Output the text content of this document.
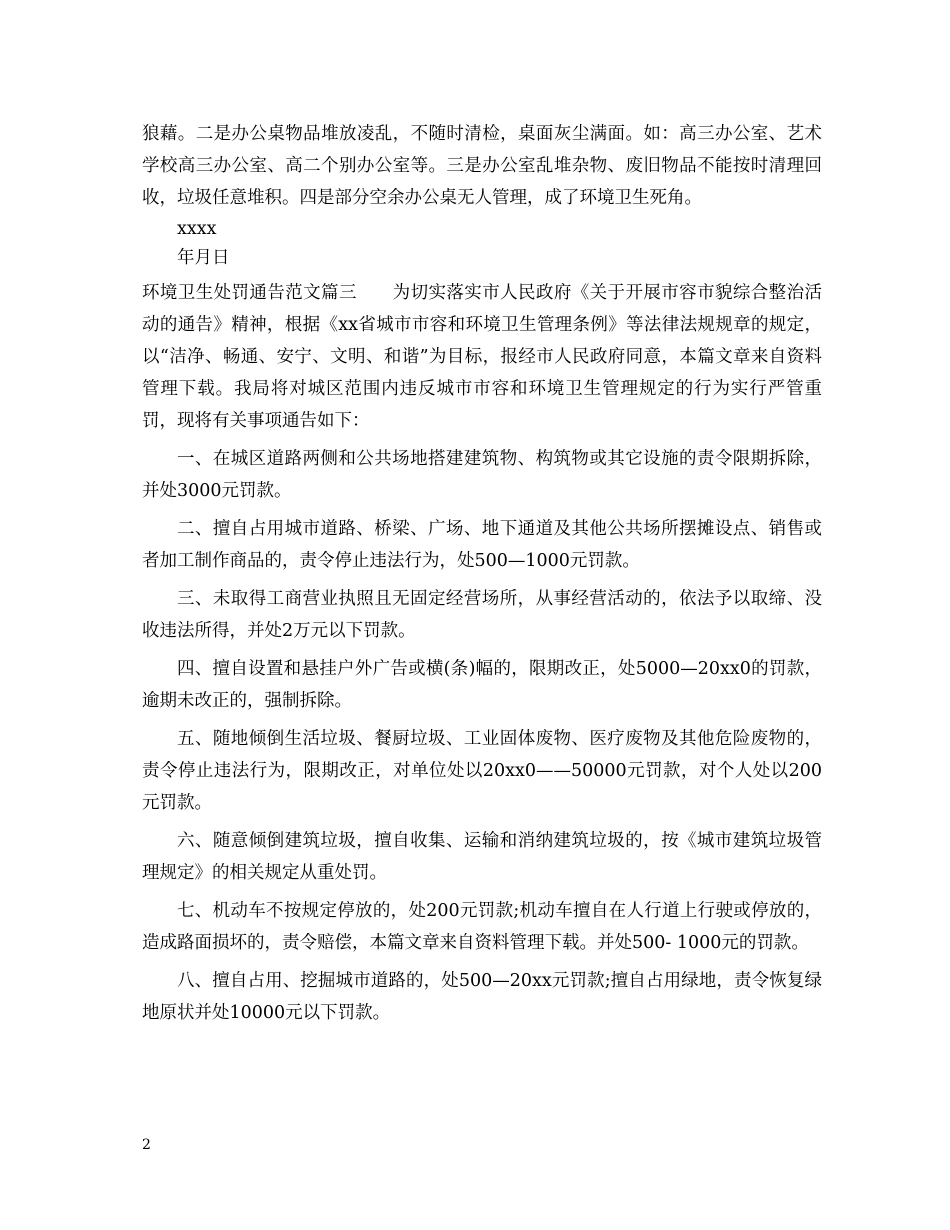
狼藉。二是办公桌物品堆放凌乱，不随时清检，桌面灰尘满面。如：高三办公室、艺术学校高三办公室、高二个别办公室等。三是办公室乱堆杂物、废旧物品不能按时清理回收，垃圾任意堆积。四是部分空余办公桌无人管理，成了环境卫生死角。

xxxx

年月日

环境卫生处罚通告范文篇三　　为切实落实市人民政府《关于开展市容市貌综合整治活动的通告》精神，根据《xx省城市市容和环境卫生管理条例》等法律法规规章的规定，以“洁净、畅通、安宁、文明、和谐”为目标，报经市人民政府同意，本篇文章来自资料管理下载。我局将对城区范围内违反城市市容和环境卫生管理规定的行为实行严管重罚，现将有关事项通告如下：

一、在城区道路两侧和公共场地搭建建筑物、构筑物或其它设施的责令限期拆除，并处3000元罚款。

二、擅自占用城市道路、桥梁、广场、地下通道及其他公共场所摆摊设点、销售或者加工制作商品的，责令停止违法行为，处500—1000元罚款。

三、未取得工商营业执照且无固定经营场所，从事经营活动的，依法予以取缔、没收违法所得，并处2万元以下罚款。

四、擅自设置和悬挂户外广告或横(条)幅的，限期改正，处5000—20xx0的罚款，逾期未改正的，强制拆除。

五、随地倾倒生活垃圾、餐厨垃圾、工业固体废物、医疗废物及其他危险废物的，责令停止违法行为，限期改正，对单位处以20xx0——50000元罚款，对个人处以200元罚款。

六、随意倾倒建筑垃圾，擅自收集、运输和消纳建筑垃圾的，按《城市建筑垃圾管理规定》的相关规定从重处罚。

七、机动车不按规定停放的，处200元罚款;机动车擅自在人行道上行驶或停放的，造成路面损坏的，责令赔偿，本篇文章来自资料管理下载。并处500- 1000元的罚款。

八、擅自占用、挖掘城市道路的，处500—20xx元罚款;擅自占用绿地，责令恢复绿地原状并处10000元以下罚款。

2
